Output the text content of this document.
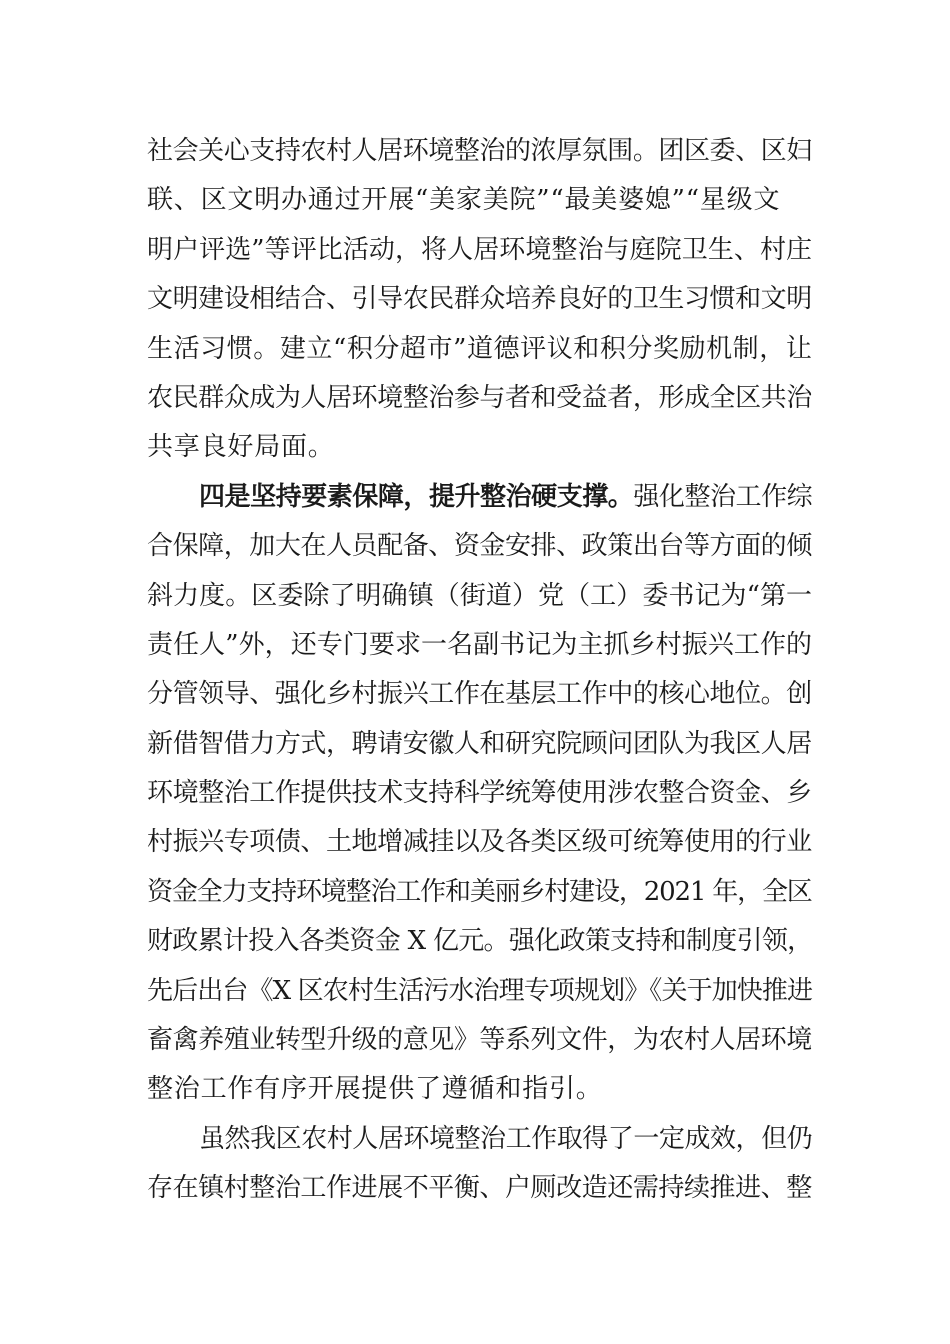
社会关心支持农村人居环境整治的浓厚氛围。团区委、区妇
联、区文明办通过开展“美家美院”“最美婆媳”“星级文
明户评选”等评比活动，将人居环境整治与庭院卫生、村庄
文明建设相结合、引导农民群众培养良好的卫生习惯和文明
生活习惯。建立“积分超市”道德评议和积分奖励机制，让
农民群众成为人居环境整治参与者和受益者，形成全区共治
共享良好局面。
四是坚持要素保障，提升整治硬支撑。强化整治工作综
合保障，加大在人员配备、资金安排、政策出台等方面的倾
斜力度。区委除了明确镇（街道）党（工）委书记为“第一
责任人”外，还专门要求一名副书记为主抓乡村振兴工作的
分管领导、强化乡村振兴工作在基层工作中的核心地位。创
新借智借力方式，聘请安徽人和研究院顾问团队为我区人居
环境整治工作提供技术支持科学统筹使用涉农整合资金、乡
村振兴专项债、土地增减挂以及各类区级可统筹使用的行业
资金全力支持环境整治工作和美丽乡村建设，2021 年，全区
财政累计投入各类资金 X 亿元。强化政策支持和制度引领，
先后出台《X 区农村生活污水治理专项规划》《关于加快推进
畜禽养殖业转型升级的意见》等系列文件，为农村人居环境
整治工作有序开展提供了遵循和指引。
虽然我区农村人居环境整治工作取得了一定成效，但仍
存在镇村整治工作进展不平衡、户厕改造还需持续推进、整
